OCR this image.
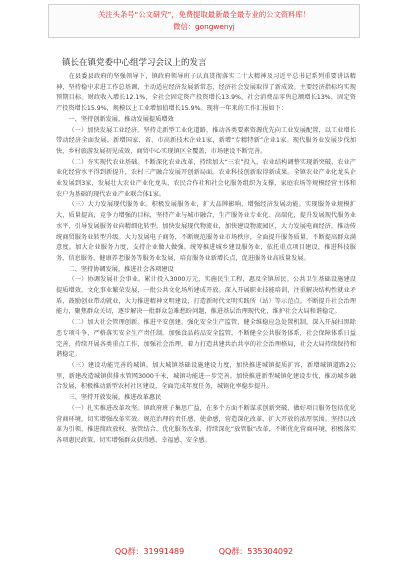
关注头条号“公文研究”，免费提取最新最全最专业的公文资料库！
微信：gongwenyj
镇长在镇党委中心组学习会议上的发言

在县委县政府的坚强领导下，镇政府领导班子认真贯彻落实二十大精神及习近平总书记系列重要讲话精神，坚持稳中求进工作总基调，主动适应经济发展新常态，经济社会发展取得了新成效。主要经济指标均实现预期目标。财政收入增长12.1%，全社会固定资产投资增长13.9%，社会消费品零售总额增长13%，固定资产投资增长15.9%，规模以上工业增加值增长15.9%。现将一年来的工作汇报如下：

一、坚持创新发展，推动发展提质增效

（一）加快发展工业经济。坚持走新型工业化道路，推动各类要素资源优先向工业发展配置，以工业增长带动经济全面发展。新增国家、省、市高新技术企业1家，新增“专精特新”企业1家。现代服务业发展步伐加快，乡村旅游发展初见成效，商贸中心实现镇区全覆盖，市场建设不断完善。

（二）夯实现代农业基础。不断深化农业改革，持续加大“三农”投入，农业结构调整实现新突破，农业产业化经营水平得到新提升，农村三产融合发展开创新局面。农业科技创新取得新成果。全镇农业产业化龙头企业发展到3家，发展壮大农业产业化龙头，农民合作社和社会化服务组织为支撑，家庭农场等规模经营主体和农户为基础的现代农业产业联合体1家。

（三）大力发展现代服务业。积极发展服务业，扩大品牌影响，增强经济发展动能。实现服务业规模扩大，质量提高，竞争力增强的目标，坚持产业与城市融合，生产服务业专业化、高端化，提升发展现代服务业水平，引导发展服务业向精细化转型。加快发展现代物流业，加快建设物流园区，大力发展电商经济，推动传统商贸服务业转型升级。大力发展电子商务，不断规范服务业市场秩序，全面提升服务质量，不断提高群众满意度。加大企业服务力度，支持企业做大做强。统筹推进城乡建设服务业，依托重点项目建设，推进科技服务、信息服务、健康养老服务等服务业发展，培育服务业新增长点，促进服务业高质量发展。

二、坚持协调发展，推进社会各项建设

（一）协调发展社会事业。累计投入3000万元，实施民生工程，惠及全镇居民。公共卫生基础设施建设提质增效，文化事业繁荣发展，一批公共文化场所建成开放。深入开展职业技能培训，注重解决结构性就业矛盾，鼓励创业带动就业，大力推进精神文明建设，打造新时代文明实践所（站）等示范点。不断提升社会治理能力，聚焦群众关切，逐步解决一批群众急难愁盼问题，推进基层治理现代化，维护社会大局和谐稳定。

（二）加大社会管理创新。推进平安创建，强化安全生产监管，健全维稳应急处置机制，深入开展扫黑除恶专项斗争，严格落实安全生产责任制。加强食品药品安全监管，不断健全公共服务体系，社会保障体系日益完善，持续开展各类重点工作，加强社会治理，着力打造共建共治共享的社会治理格局，社会大局持续保持和谐稳定。

（三）建设功能完善的城镇。加大城镇基础设施建设力度，加快推进城镇提质扩容，新增城镇道路2公里，新建改造城镇供排水管网3000千米，城镇功能进一步完善。加快推进新型城镇化建设步伐，推动城乡融合发展，积极推动新型农村社区建设，全面完成年度任务，城镇化率稳步提升。

三、坚持开放发展，推进改革惠民

（一）扎实推进改革攻坚。镇政府班子集思广益，在多个方面不断谋求创新突破，做好项目服务包括优化营商环境，切实增强改革实效。规范治理的责任感、使命感，营造深化改革、扩大开放的浓厚氛围。坚持以改革为引领，推进简政放权、放管结合、优化服务改革，持续深化“放管服”改革，不断优化营商环境，积极落实各项惠民政策，切实增强群众获得感、幸福感、安全感。

QQ群：31991489	QQ群：535304092
